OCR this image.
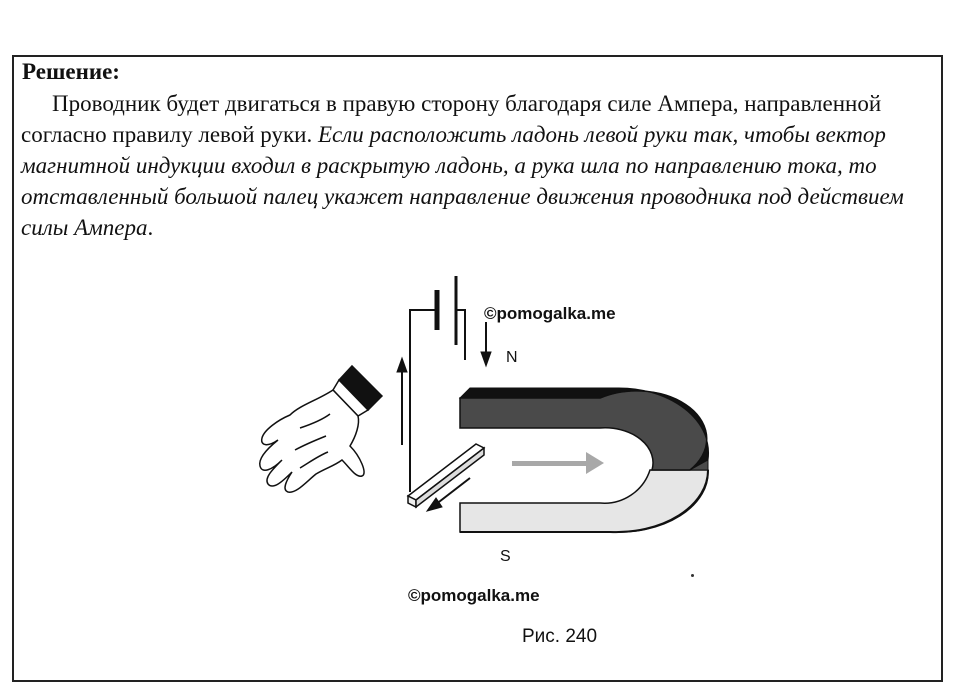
Решение:

Проводник будет двигаться в правую сторону благодаря силе Ампера, направленной согласно правилу левой руки. Если расположить ладонь левой руки так, чтобы вектор магнитной индукции входил в раскрытую ладонь, а рука шла по направлению тока, то отставленный большой палец укажет направление движения проводника под действием силы Ампера.

©pomogalka.me
N
S
©pomogalka.me
Рис. 240
